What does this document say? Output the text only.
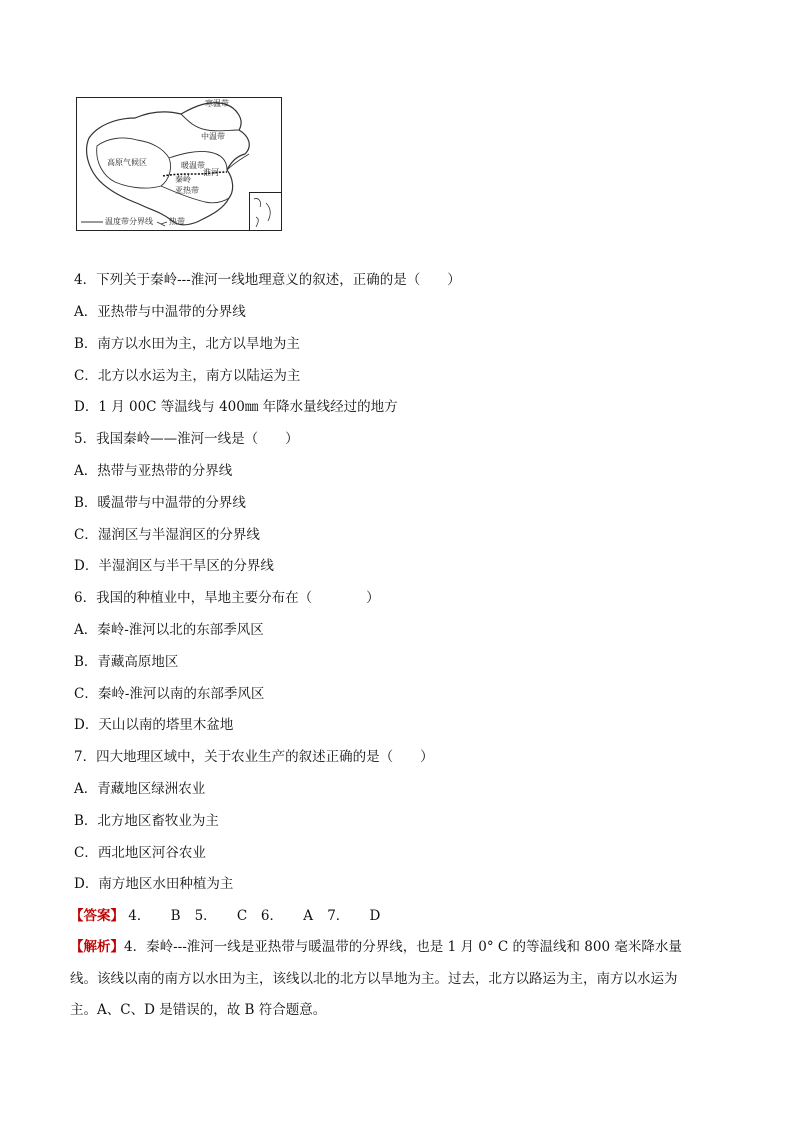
寒温带
中温带
高原气候区	暖温带
淮河
秦岭
亚热带
温度带分界线 热带
4．下列关于秦岭---淮河一线地理意义的叙述，正确的是（　　）
A．亚热带与中温带的分界线
B．南方以水田为主，北方以旱地为主
C．北方以水运为主，南方以陆运为主
D．1 月 00C 等温线与 400㎜ 年降水量线经过的地方
5．我国秦岭——淮河一线是（　　）
A．热带与亚热带的分界线
B．暖温带与中温带的分界线
C．湿润区与半湿润区的分界线
D．半湿润区与半干旱区的分界线
6．我国的种植业中，旱地主要分布在（　　　　）
A．秦岭-淮河以北的东部季风区
B．青藏高原地区
C．秦岭-淮河以南的东部季风区
D．天山以南的塔里木盆地
7．四大地理区域中，关于农业生产的叙述正确的是（　　）
A．青藏地区绿洲农业
B．北方地区畜牧业为主
C．西北地区河谷农业
D．南方地区水田种植为主
【答案】 4．　　B 5．　　C 6．　　A 7．　　D

【解析】4．秦岭---淮河一线是亚热带与暖温带的分界线，也是 1 月 0° C 的等温线和 800 毫米降水量

线。该线以南的南方以水田为主，该线以北的北方以旱地为主。过去，北方以路运为主，南方以水运为

主。A、C、D 是错误的，故 B 符合题意。
